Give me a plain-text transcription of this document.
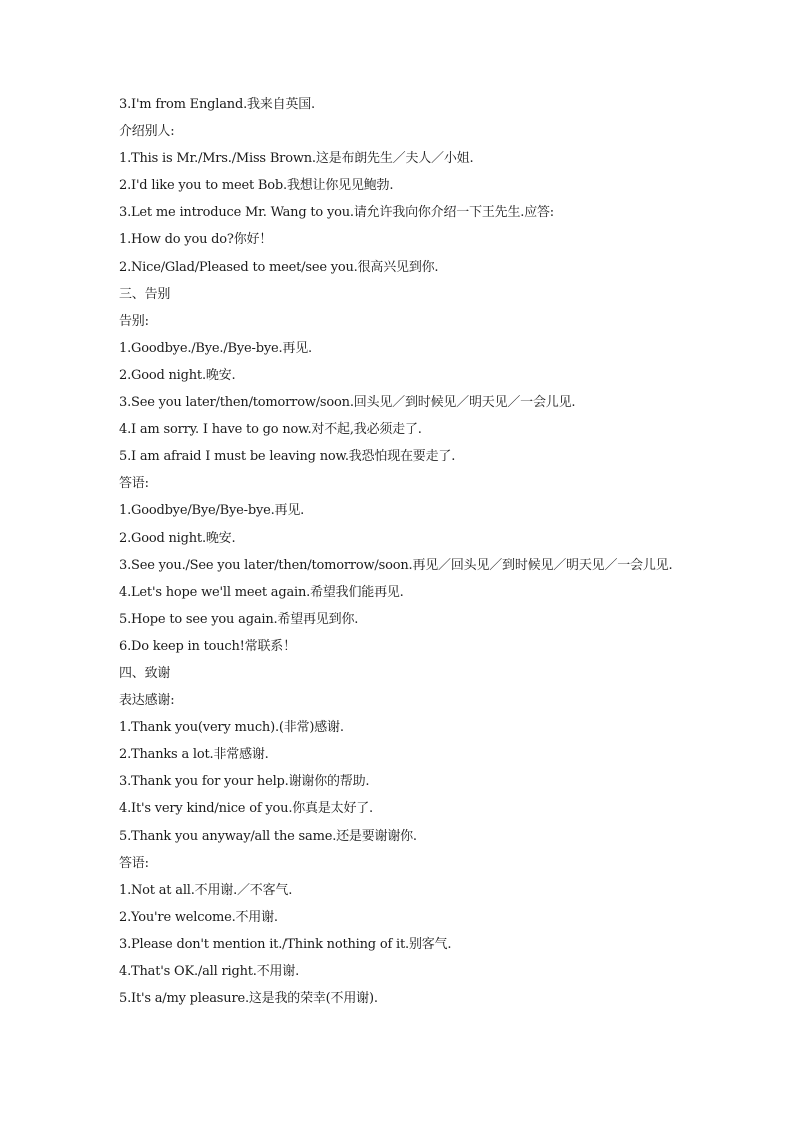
3.I'm from England.我来自英国.
介绍别人:
1.This is Mr./Mrs./Miss Brown.这是布朗先生／夫人／小姐.
2.I'd like you to meet Bob.我想让你见见鲍勃.
3.Let me introduce Mr. Wang to you.请允许我向你介绍一下王先生.应答:
1.How do you do?你好！
2.Nice/Glad/Pleased to meet/see you.很高兴见到你.
三、告别
告别:
1.Goodbye./Bye./Bye-bye.再见.
2.Good night.晚安.
3.See you later/then/tomorrow/soon.回头见／到时候见／明天见／一会儿见.
4.I am sorry. I have to go now.对不起,我必须走了.
5.I am afraid I must be leaving now.我恐怕现在要走了.
答语:
1.Goodbye/Bye/Bye-bye.再见.
2.Good night.晚安.
3.See you./See you later/then/tomorrow/soon.再见／回头见／到时候见／明天见／一会儿见.
4.Let's hope we'll meet again.希望我们能再见.
5.Hope to see you again.希望再见到你.
6.Do keep in touch!常联系！
四、致谢
表达感谢:
1.Thank you(very much).(非常)感谢.
2.Thanks a lot.非常感谢.
3.Thank you for your help.谢谢你的帮助.
4.It's very kind/nice of you.你真是太好了.
5.Thank you anyway/all the same.还是要谢谢你.
答语:
1.Not at all.不用谢.／不客气.
2.You're welcome.不用谢.
3.Please don't mention it./Think nothing of it.别客气.
4.That's OK./all right.不用谢.
5.It's a/my pleasure.这是我的荣幸(不用谢).
